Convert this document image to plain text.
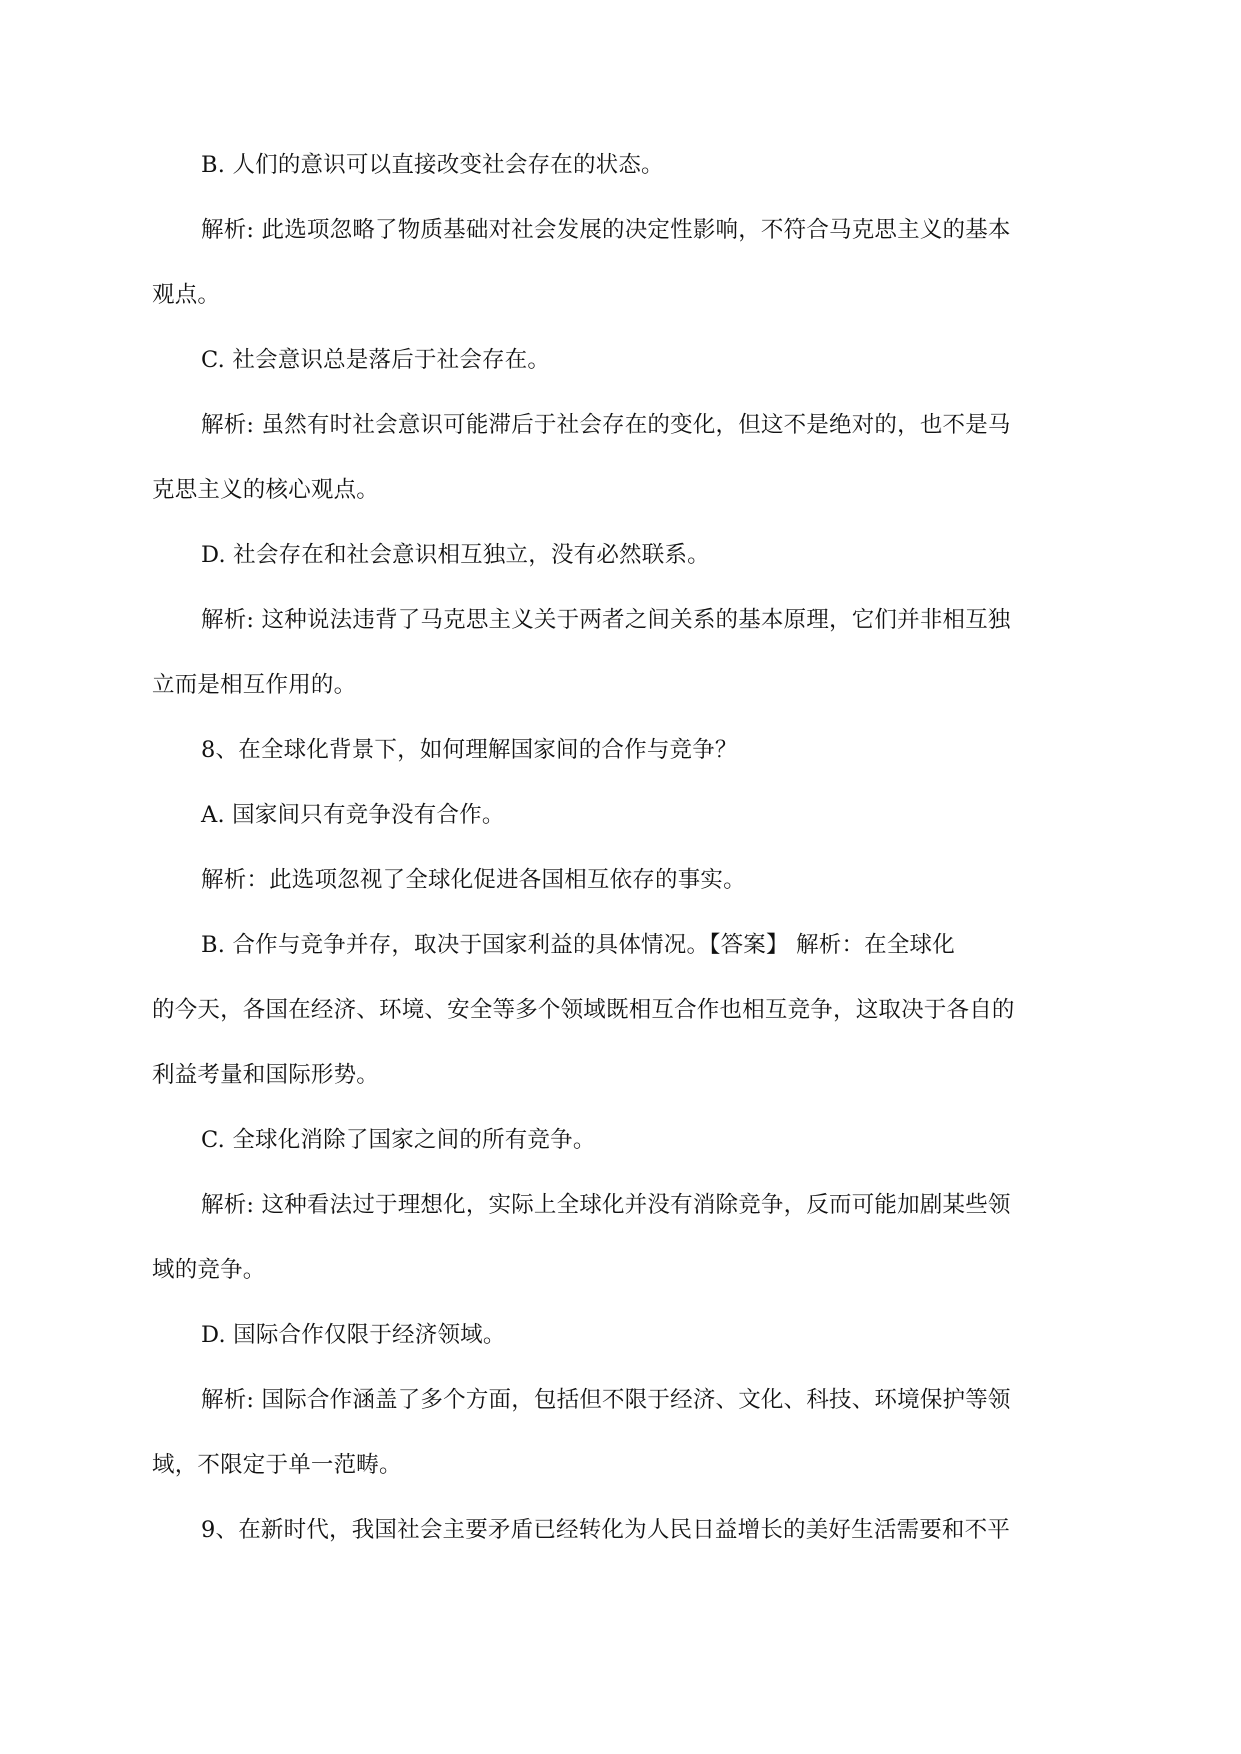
B. 人们的意识可以直接改变社会存在的状态。

解析: 此选项忽略了物质基础对社会发展的决定性影响，不符合马克思主义的基本

观点。

C. 社会意识总是落后于社会存在。

解析: 虽然有时社会意识可能滞后于社会存在的变化，但这不是绝对的，也不是马

克思主义的核心观点。

D. 社会存在和社会意识相互独立，没有必然联系。

解析: 这种说法违背了马克思主义关于两者之间关系的基本原理，它们并非相互独

立而是相互作用的。

8、在全球化背景下，如何理解国家间的合作与竞争？

A. 国家间只有竞争没有合作。

解析：此选项忽视了全球化促进各国相互依存的事实。

B. 合作与竞争并存，取决于国家利益的具体情况。【答案】 解析：在全球化

的今天，各国在经济、环境、安全等多个领域既相互合作也相互竞争，这取决于各自的

利益考量和国际形势。

C. 全球化消除了国家之间的所有竞争。

解析: 这种看法过于理想化，实际上全球化并没有消除竞争，反而可能加剧某些领

域的竞争。

D. 国际合作仅限于经济领域。

解析: 国际合作涵盖了多个方面，包括但不限于经济、文化、科技、环境保护等领

域，不限定于单一范畴。

9、在新时代，我国社会主要矛盾已经转化为人民日益增长的美好生活需要和不平
